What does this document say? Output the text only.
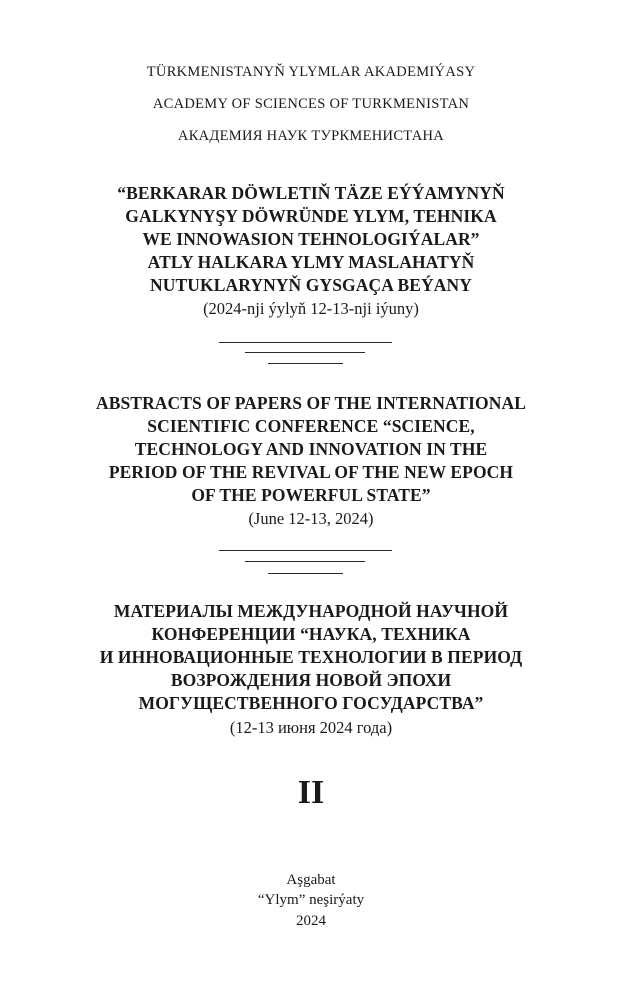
TÜRKMENISTANYŇ YLYMLAR AKADEMIÝASY
ACADEMY OF SCIENCES OF TURKMENISTAN
АКАДЕМИЯ НАУК ТУРКМЕНИСТАНА
“BERKARAR DÖWLETIŇ TÄZE EÝÝAMYNYŇ
GALKYNYŞY DÖWRÜNDE YLYM, TEHNIKA
WE INNOWASION TEHNOLOGIÝALAR”
ATLY HALKARA YLMY MASLAHATYŇ
NUTUKLARYNYŇ GYSGAÇA BEÝANY
(2024-nji ýylyň 12-13-nji iýuny)
ABSTRACTS OF PAPERS OF THE INTERNATIONAL
SCIENTIFIC CONFERENCE “SCIENCE,
TECHNOLOGY AND INNOVATION IN THE
PERIOD OF THE REVIVAL OF THE NEW EPOCH
OF THE POWERFUL STATE”
(June 12-13, 2024)
МАТЕРИАЛЫ МЕЖДУНАРОДНОЙ НАУЧНОЙ
КОНФЕРЕНЦИИ “НАУКА, ТЕХНИКА
И ИННОВАЦИОННЫЕ ТЕХНОЛОГИИ В ПЕРИОД
ВОЗРОЖДЕНИЯ НОВОЙ ЭПОХИ
МОГУЩЕСТВЕННОГО ГОСУДАРСТВА”
(12-13 июня 2024 года)
II
Aşgabat
“Ylym” neşirýaty
2024
